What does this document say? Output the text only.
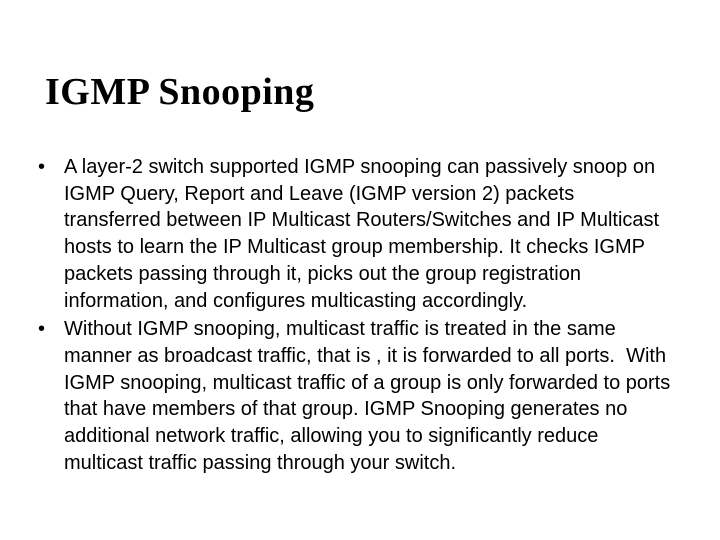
IGMP Snooping
• A layer-2 switch supported IGMP snooping can passively snoop on
IGMP Query, Report and Leave (IGMP version 2) packets
transferred between IP Multicast Routers/Switches and IP Multicast
hosts to learn the IP Multicast group membership. It checks IGMP
packets passing through it, picks out the group registration
information, and configures multicasting accordingly.
• Without IGMP snooping, multicast traffic is treated in the same
manner as broadcast traffic, that is , it is forwarded to all ports.  With
IGMP snooping, multicast traffic of a group is only forwarded to ports
that have members of that group. IGMP Snooping generates no
additional network traffic, allowing you to significantly reduce
multicast traffic passing through your switch.
